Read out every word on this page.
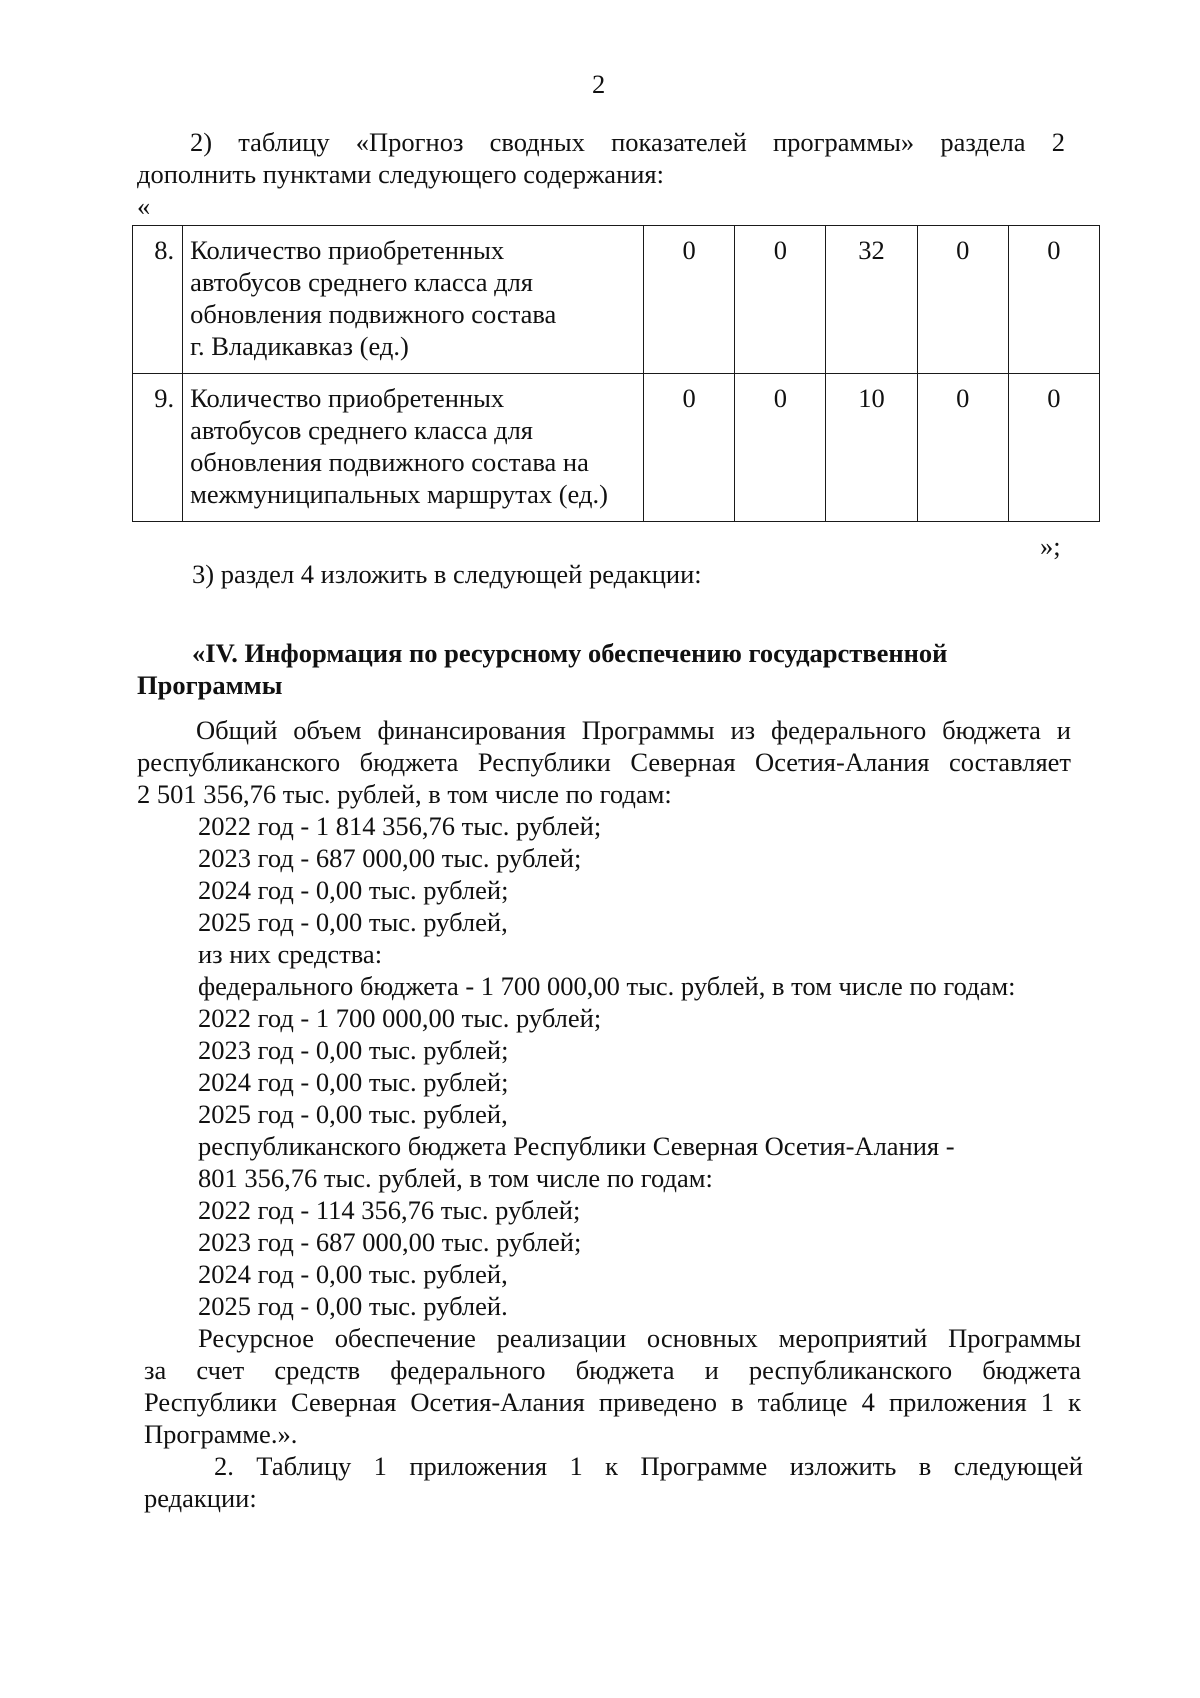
2
2) таблицу «Прогноз сводных показателей программы» раздела 2
дополнить пунктами следующего содержания:
«
8.	Количество приобретенных
автобусов среднего класса для
обновления подвижного состава
г. Владикавказ (ед.)	0	0	32	0	0
9.	Количество приобретенных
автобусов среднего класса для
обновления подвижного состава на
межмуниципальных маршрутах (ед.)	0	0	10	0	0
»;
3) раздел 4 изложить в следующей редакции:
«IV. Информация по ресурсному обеспечению государственной
Программы
Общий объем финансирования Программы из федерального бюджета и
республиканского бюджета Республики Северная Осетия-Алания составляет
2 501 356,76 тыс. рублей, в том числе по годам:
2022 год - 1 814 356,76 тыс. рублей;
2023 год - 687 000,00 тыс. рублей;
2024 год - 0,00 тыс. рублей;
2025 год - 0,00 тыс. рублей,
из них средства:
федерального бюджета - 1 700 000,00 тыс. рублей, в том числе по годам:
2022 год - 1 700 000,00 тыс. рублей;
2023 год - 0,00 тыс. рублей;
2024 год - 0,00 тыс. рублей;
2025 год - 0,00 тыс. рублей,
республиканского бюджета Республики Северная Осетия-Алания -
801 356,76 тыс. рублей, в том числе по годам:
2022 год - 114 356,76 тыс. рублей;
2023 год - 687 000,00 тыс. рублей;
2024 год - 0,00 тыс. рублей,
2025 год - 0,00 тыс. рублей.
Ресурсное обеспечение реализации основных мероприятий Программы
за счет средств федерального бюджета и республиканского бюджета
Республики Северная Осетия-Алания приведено в таблице 4 приложения 1 к
Программе.».
2. Таблицу 1 приложения 1 к Программе изложить в следующей
редакции:
